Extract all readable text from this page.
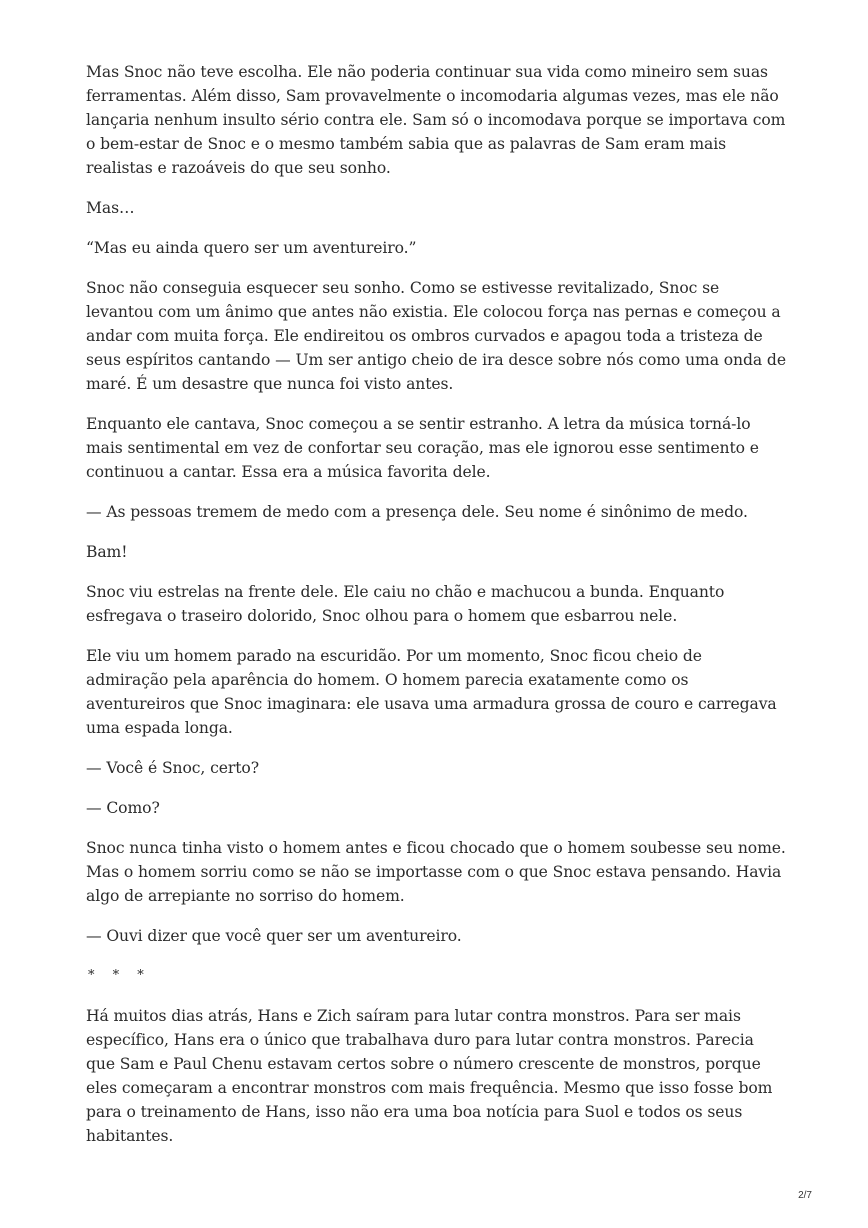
Mas Snoc não teve escolha. Ele não poderia continuar sua vida como mineiro sem suas ferramentas. Além disso, Sam provavelmente o incomodaria algumas vezes, mas ele não lançaria nenhum insulto sério contra ele. Sam só o incomodava porque se importava com o bem-estar de Snoc e o mesmo também sabia que as palavras de Sam eram mais realistas e razoáveis do que seu sonho.

Mas…

“Mas eu ainda quero ser um aventureiro.”

Snoc não conseguia esquecer seu sonho. Como se estivesse revitalizado, Snoc se levantou com um ânimo que antes não existia. Ele colocou força nas pernas e começou a andar com muita força. Ele endireitou os ombros curvados e apagou toda a tristeza de seus espíritos cantando — Um ser antigo cheio de ira desce sobre nós como uma onda de maré. É um desastre que nunca foi visto antes.

Enquanto ele cantava, Snoc começou a se sentir estranho. A letra da música torná-lo mais sentimental em vez de confortar seu coração, mas ele ignorou esse sentimento e continuou a cantar. Essa era a música favorita dele.

— As pessoas tremem de medo com a presença dele. Seu nome é sinônimo de medo.

Bam!

Snoc viu estrelas na frente dele. Ele caiu no chão e machucou a bunda. Enquanto esfregava o traseiro dolorido, Snoc olhou para o homem que esbarrou nele.

Ele viu um homem parado na escuridão. Por um momento, Snoc ficou cheio de admiração pela aparência do homem. O homem parecia exatamente como os aventureiros que Snoc imaginara: ele usava uma armadura grossa de couro e carregava uma espada longa.

— Você é Snoc, certo?

— Como?

Snoc nunca tinha visto o homem antes e ficou chocado que o homem soubesse seu nome. Mas o homem sorriu como se não se importasse com o que Snoc estava pensando. Havia algo de arrepiante no sorriso do homem.

— Ouvi dizer que você quer ser um aventureiro.

* * *

Há muitos dias atrás, Hans e Zich saíram para lutar contra monstros. Para ser mais específico, Hans era o único que trabalhava duro para lutar contra monstros. Parecia que Sam e Paul Chenu estavam certos sobre o número crescente de monstros, porque eles começaram a encontrar monstros com mais frequência. Mesmo que isso fosse bom para o treinamento de Hans, isso não era uma boa notícia para Suol e todos os seus habitantes.

2/7
